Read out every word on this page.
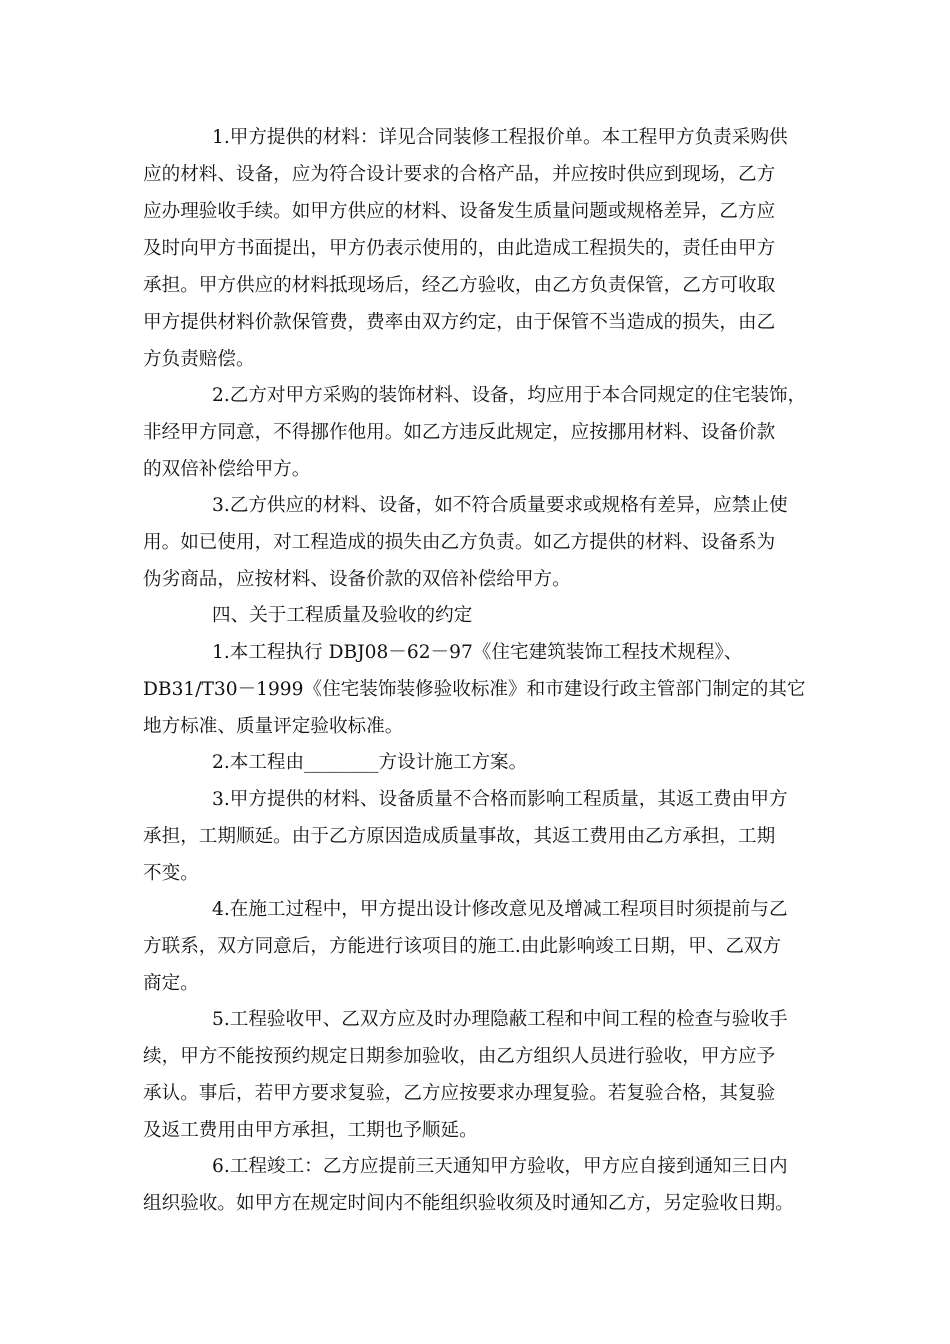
1.甲方提供的材料：详见合同装修工程报价单。本工程甲方负责采购供
应的材料、设备，应为符合设计要求的合格产品，并应按时供应到现场，乙方
应办理验收手续。如甲方供应的材料、设备发生质量问题或规格差异，乙方应
及时向甲方书面提出，甲方仍表示使用的，由此造成工程损失的，责任由甲方
承担。甲方供应的材料抵现场后，经乙方验收，由乙方负责保管，乙方可收取
甲方提供材料价款保管费，费率由双方约定，由于保管不当造成的损失，由乙
方负责赔偿。
2.乙方对甲方采购的装饰材料、设备，均应用于本合同规定的住宅装饰，
非经甲方同意，不得挪作他用。如乙方违反此规定，应按挪用材料、设备价款
的双倍补偿给甲方。
3.乙方供应的材料、设备，如不符合质量要求或规格有差异，应禁止使
用。如已使用，对工程造成的损失由乙方负责。如乙方提供的材料、设备系为
伪劣商品，应按材料、设备价款的双倍补偿给甲方。
四、关于工程质量及验收的约定
1.本工程执行 DBJ08－62－97《住宅建筑装饰工程技术规程》、
DB31/T30－1999《住宅装饰装修验收标准》和市建设行政主管部门制定的其它
地方标准、质量评定验收标准。
2.本工程由________方设计施工方案。
3.甲方提供的材料、设备质量不合格而影响工程质量，其返工费由甲方
承担，工期顺延。由于乙方原因造成质量事故，其返工费用由乙方承担，工期
不变。
4.在施工过程中，甲方提出设计修改意见及增减工程项目时须提前与乙
方联系，双方同意后，方能进行该项目的施工.由此影响竣工日期，甲、乙双方
商定。
5.工程验收甲、乙双方应及时办理隐蔽工程和中间工程的检查与验收手
续，甲方不能按预约规定日期参加验收，由乙方组织人员进行验收，甲方应予
承认。事后，若甲方要求复验，乙方应按要求办理复验。若复验合格，其复验
及返工费用由甲方承担，工期也予顺延。
6.工程竣工：乙方应提前三天通知甲方验收，甲方应自接到通知三日内
组织验收。如甲方在规定时间内不能组织验收须及时通知乙方，另定验收日期。
